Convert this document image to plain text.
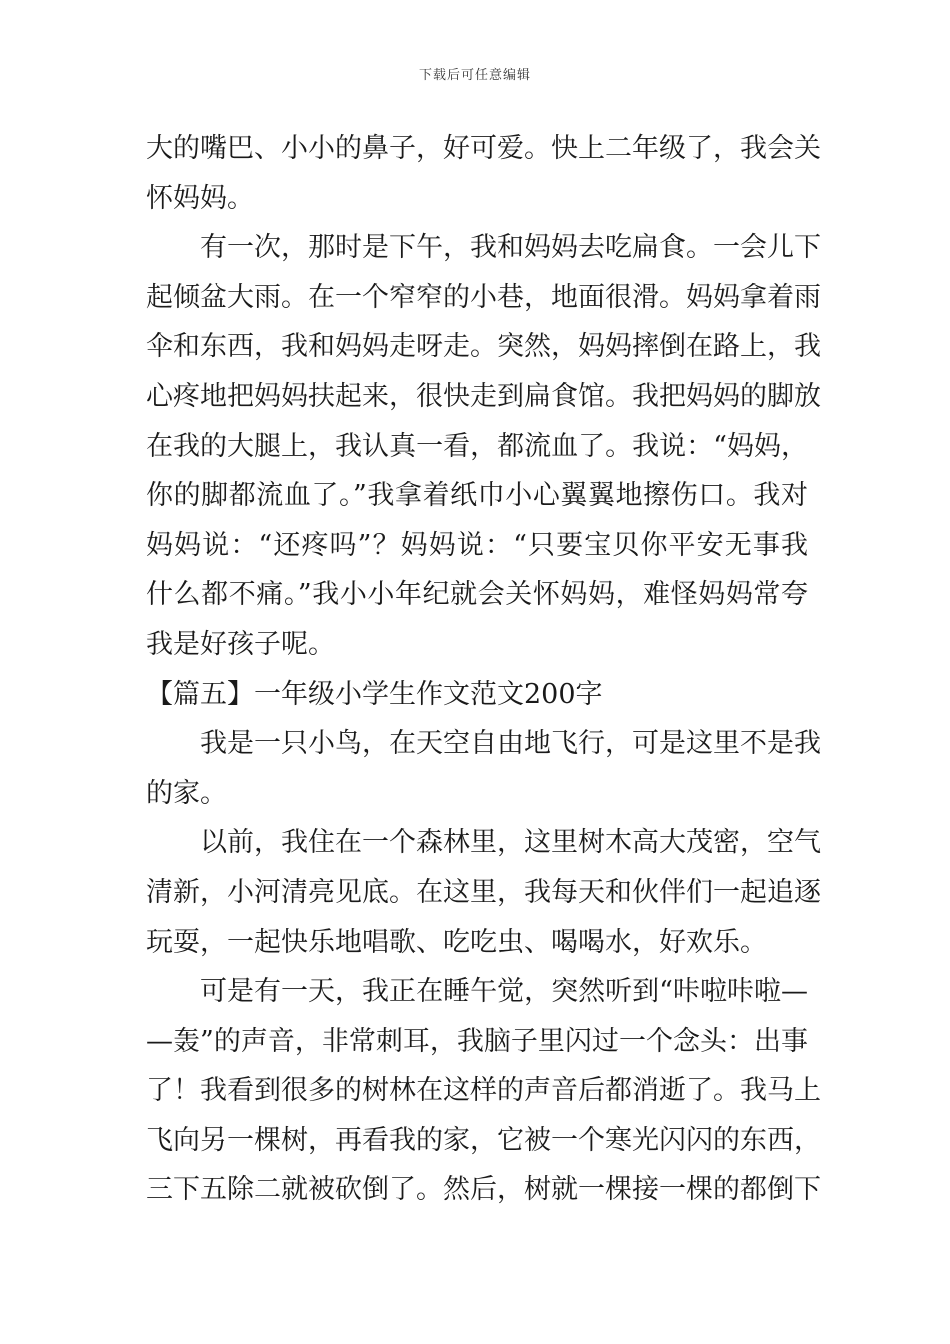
下载后可任意编辑
大的嘴巴、小小的鼻子，好可爱。快上二年级了，我会关
怀妈妈。
有一次，那时是下午，我和妈妈去吃扁食。一会儿下
起倾盆大雨。在一个窄窄的小巷，地面很滑。妈妈拿着雨
伞和东西，我和妈妈走呀走。突然，妈妈摔倒在路上，我
心疼地把妈妈扶起来，很快走到扁食馆。我把妈妈的脚放
在我的大腿上，我认真一看，都流血了。我说：“妈妈，
你的脚都流血了。”我拿着纸巾小心翼翼地擦伤口。我对
妈妈说：“还疼吗”？妈妈说：“只要宝贝你平安无事我
什么都不痛。”我小小年纪就会关怀妈妈，难怪妈妈常夸
我是好孩子呢。
【篇五】一年级小学生作文范文200字
我是一只小鸟，在天空自由地飞行，可是这里不是我
的家。
以前，我住在一个森林里，这里树木高大茂密，空气
清新，小河清亮见底。在这里，我每天和伙伴们一起追逐
玩耍，一起快乐地唱歌、吃吃虫、喝喝水，好欢乐。
可是有一天，我正在睡午觉，突然听到“咔啦咔啦—
—轰”的声音，非常刺耳，我脑子里闪过一个念头：出事
了！我看到很多的树林在这样的声音后都消逝了。我马上
飞向另一棵树，再看我的家，它被一个寒光闪闪的东西，
三下五除二就被砍倒了。然后，树就一棵接一棵的都倒下
